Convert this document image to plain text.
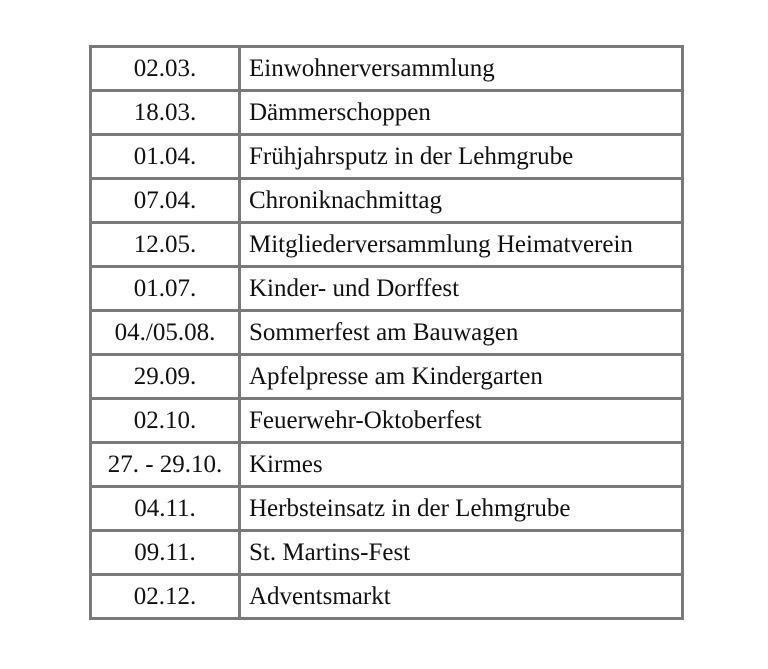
02.03.	Einwohnerversammlung
18.03.	Dämmerschoppen
01.04.	Frühjahrsputz in der Lehmgrube
07.04.	Chroniknachmittag
12.05.	Mitgliederversammlung Heimatverein
01.07.	Kinder- und Dorffest
04./05.08.	Sommerfest am Bauwagen
29.09.	Apfelpresse am Kindergarten
02.10.	Feuerwehr-Oktoberfest
27. - 29.10.	Kirmes
04.11.	Herbsteinsatz in der Lehmgrube
09.11.	St. Martins-Fest
02.12.	Adventsmarkt
